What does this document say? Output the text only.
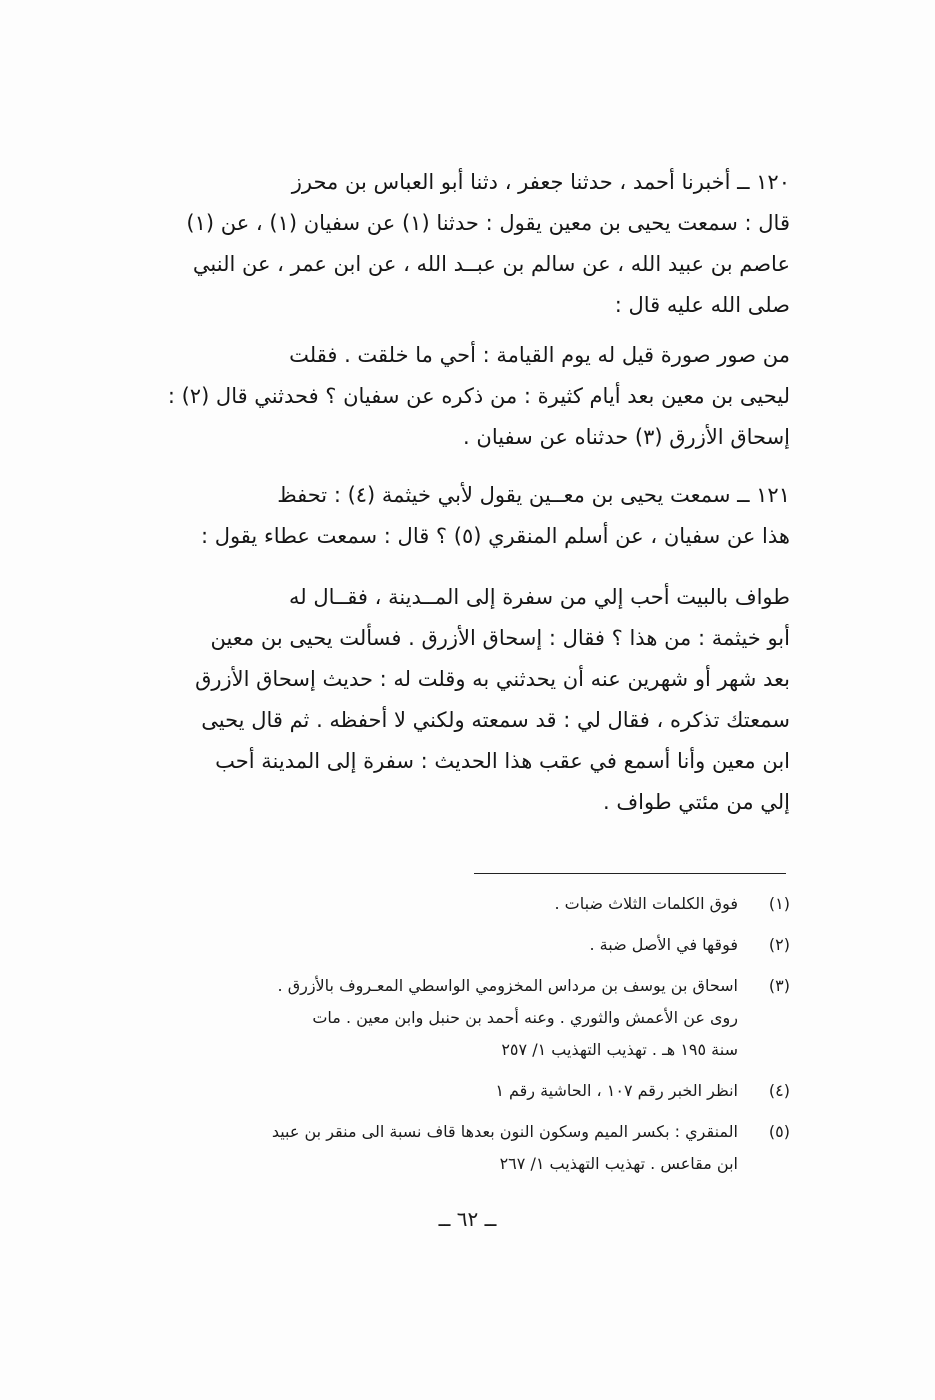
١٢٠ ــ أخبرنا أحمد ، حدثنا جعفر ، دثنا أبو العباس بن محرز
قال : سمعت يحيى بن معين يقول : حدثنا (١) عن سفيان (١) ، عن (١)
عاصم بن عبيد الله ، عن سالم بن عبــد الله ، عن ابن عمر ، عن النبي
صلى الله عليه قال :
من صور صورة قيل له يوم القيامة : أحي ما خلقت . فقلت
ليحيى بن معين بعد أيام كثيرة : من ذكره عن سفيان ؟ فحدثني قال (٢) :
إسحاق الأزرق (٣) حدثناه عن سفيان .
١٢١ ــ سمعت يحيى بن معــين يقول لأبي خيثمة (٤) : تحفظ
هذا عن سفيان ، عن أسلم المنقري (٥) ؟ قال : سمعت عطاء يقول :
طواف بالبيت أحب إلي من سفرة إلى المــدينة ، فقــال له
أبو خيثمة : من هذا ؟ فقال : إسحاق الأزرق . فسألت يحيى بن معين
بعد شهر أو شهرين عنه أن يحدثني به وقلت له : حديث إسحاق الأزرق
سمعتك تذكره ، فقال لي : قد سمعته ولكني لا أحفظه . ثم قال يحيى
ابن معين وأنا أسمع في عقب هذا الحديث : سفرة إلى المدينة أحب
إلي من مئتي طواف .
(١)
فوق الكلمات الثلاث ضبات .
(٢)
فوقها في الأصل ضبة .
(٣)
اسحاق بن يوسف بن مرداس المخزومي الواسطي المعـروف بالأزرق .
روى عن الأعمش والثوري . وعنه أحمد بن حنبل وابن معين . مات
سنة ١٩٥ هـ . تهذيب التهذيب ١/ ٢٥٧
(٤)
انظر الخبر رقم ١٠٧ ، الحاشية رقم ١
(٥)
المنقري : بكسر الميم وسكون النون بعدها قاف نسبة الى منقر بن عبيد
ابن مقاعس . تهذيب التهذيب ١/ ٢٦٧
ــ ٦٢ ــ
